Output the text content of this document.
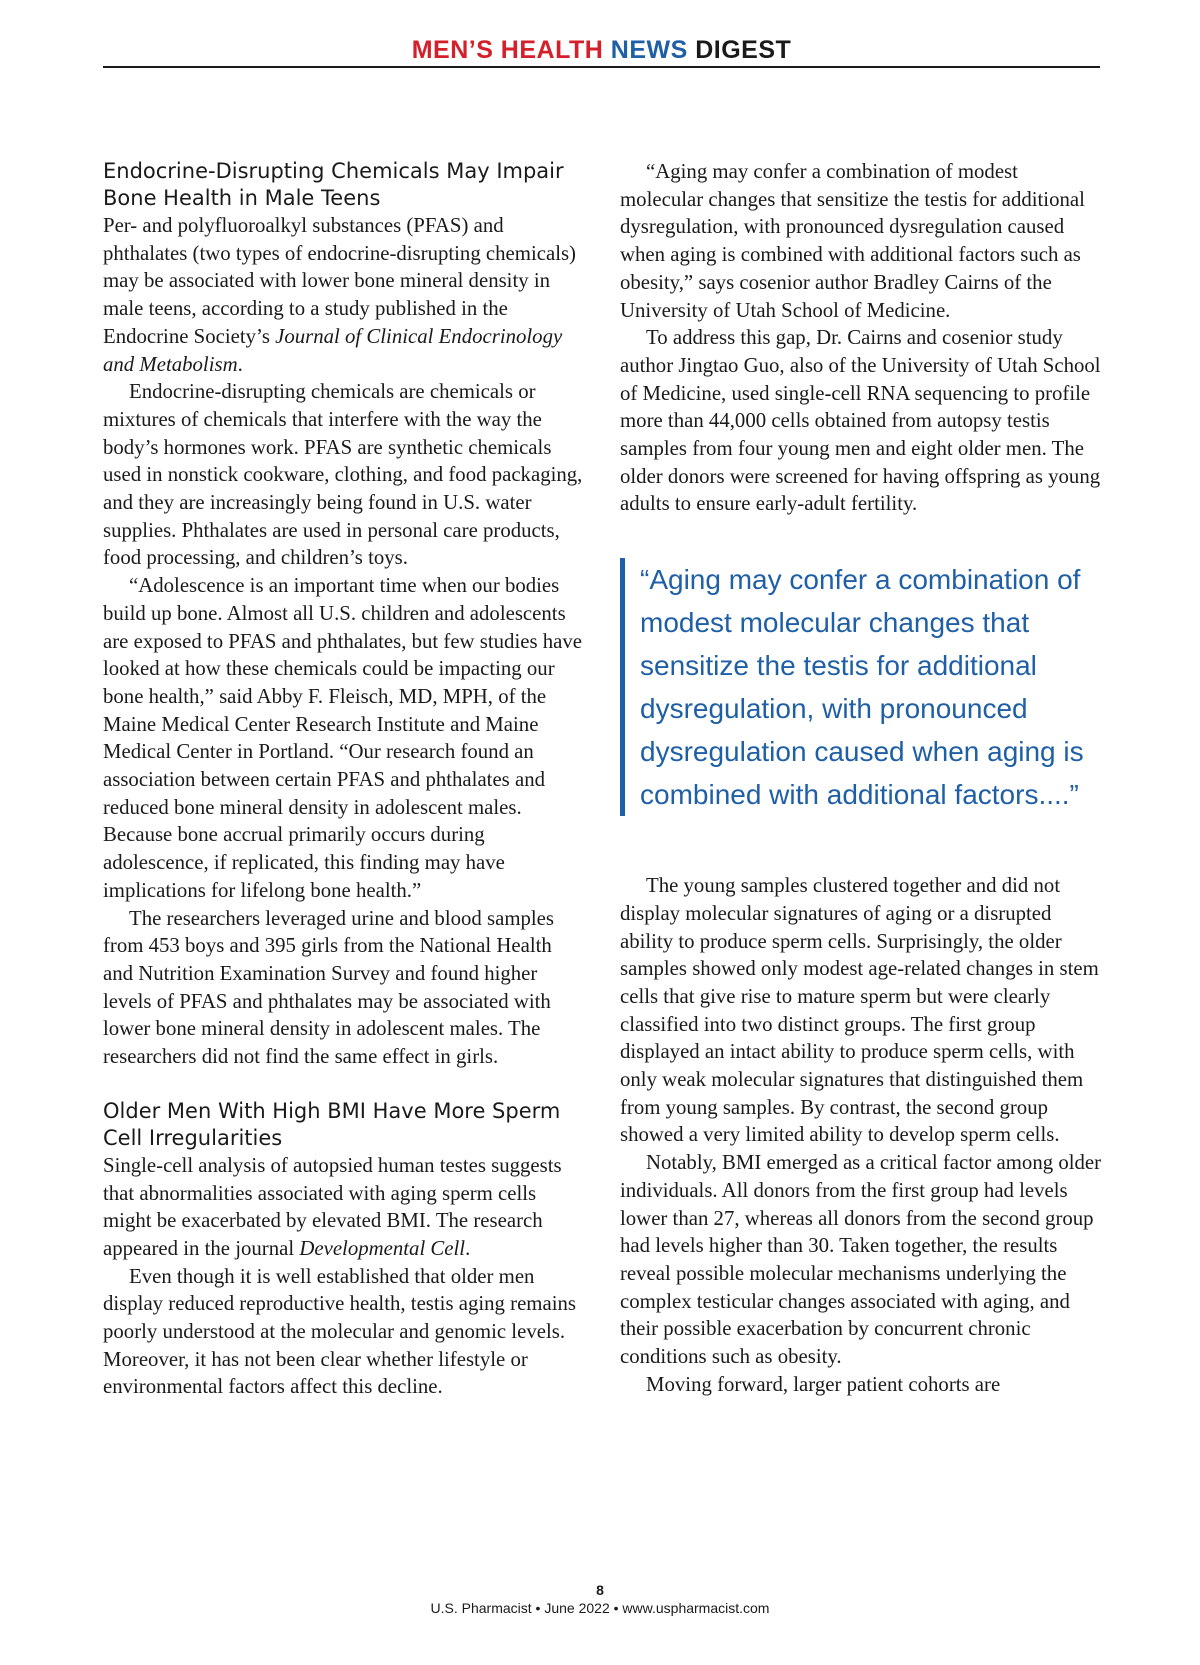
MEN’S HEALTH NEWS DIGEST
Endocrine-Disrupting Chemicals May Impair Bone Health in Male Teens

Per- and polyfluoroalkyl substances (PFAS) and phthalates (two types of endocrine-disrupting chemicals) may be associated with lower bone mineral density in male teens, according to a study published in the Endocrine Society’s Journal of Clinical Endocrinology and Metabolism.

Endocrine-disrupting chemicals are chemicals or mixtures of chemicals that interfere with the way the body’s hormones work. PFAS are synthetic chemicals used in nonstick cookware, clothing, and food packaging, and they are increasingly being found in U.S. water supplies. Phthalates are used in personal care products, food processing, and children’s toys.

“Adolescence is an important time when our bodies build up bone. Almost all U.S. children and adolescents are exposed to PFAS and phthalates, but few studies have looked at how these chemicals could be impacting our bone health,” said Abby F. Fleisch, MD, MPH, of the Maine Medical Center Research Institute and Maine Medical Center in Portland. “Our research found an association between certain PFAS and phthalates and reduced bone mineral density in adolescent males. Because bone accrual primarily occurs during adolescence, if replicated, this finding may have implications for lifelong bone health.”

The researchers leveraged urine and blood samples from 453 boys and 395 girls from the National Health and Nutrition Examination Survey and found higher levels of PFAS and phthalates may be associated with lower bone mineral density in adolescent males. The researchers did not find the same effect in girls.

Older Men With High BMI Have More Sperm Cell Irregularities

Single-cell analysis of autopsied human testes suggests that abnormalities associated with aging sperm cells might be exacerbated by elevated BMI. The research appeared in the journal Developmental Cell.

Even though it is well established that older men display reduced reproductive health, testis aging remains poorly understood at the molecular and genomic levels. Moreover, it has not been clear whether lifestyle or environmental factors affect this decline.

“Aging may confer a combination of modest molecular changes that sensitize the testis for additional dysregulation, with pronounced dysregulation caused when aging is combined with additional factors such as obesity,” says cosenior author Bradley Cairns of the University of Utah School of Medicine.

To address this gap, Dr. Cairns and cosenior study author Jingtao Guo, also of the University of Utah School of Medicine, used single-cell RNA sequencing to profile more than 44,000 cells obtained from autopsy testis samples from four young men and eight older men. The older donors were screened for having offspring as young adults to ensure early-adult fertility.

“Aging may confer a combination of modest molecular changes that sensitize the testis for additional dysregulation, with pronounced dysregulation caused when aging is combined with additional factors....”

The young samples clustered together and did not display molecular signatures of aging or a disrupted ability to produce sperm cells. Surprisingly, the older samples showed only modest age-related changes in stem cells that give rise to mature sperm but were clearly classified into two distinct groups. The first group displayed an intact ability to produce sperm cells, with only weak molecular signatures that distinguished them from young samples. By contrast, the second group showed a very limited ability to develop sperm cells.

Notably, BMI emerged as a critical factor among older individuals. All donors from the first group had levels lower than 27, whereas all donors from the second group had levels higher than 30. Taken together, the results reveal possible molecular mechanisms underlying the complex testicular changes associated with aging, and their possible exacerbation by concurrent chronic conditions such as obesity.

Moving forward, larger patient cohorts are

8
U.S. Pharmacist • June 2022 • www.uspharmacist.com
